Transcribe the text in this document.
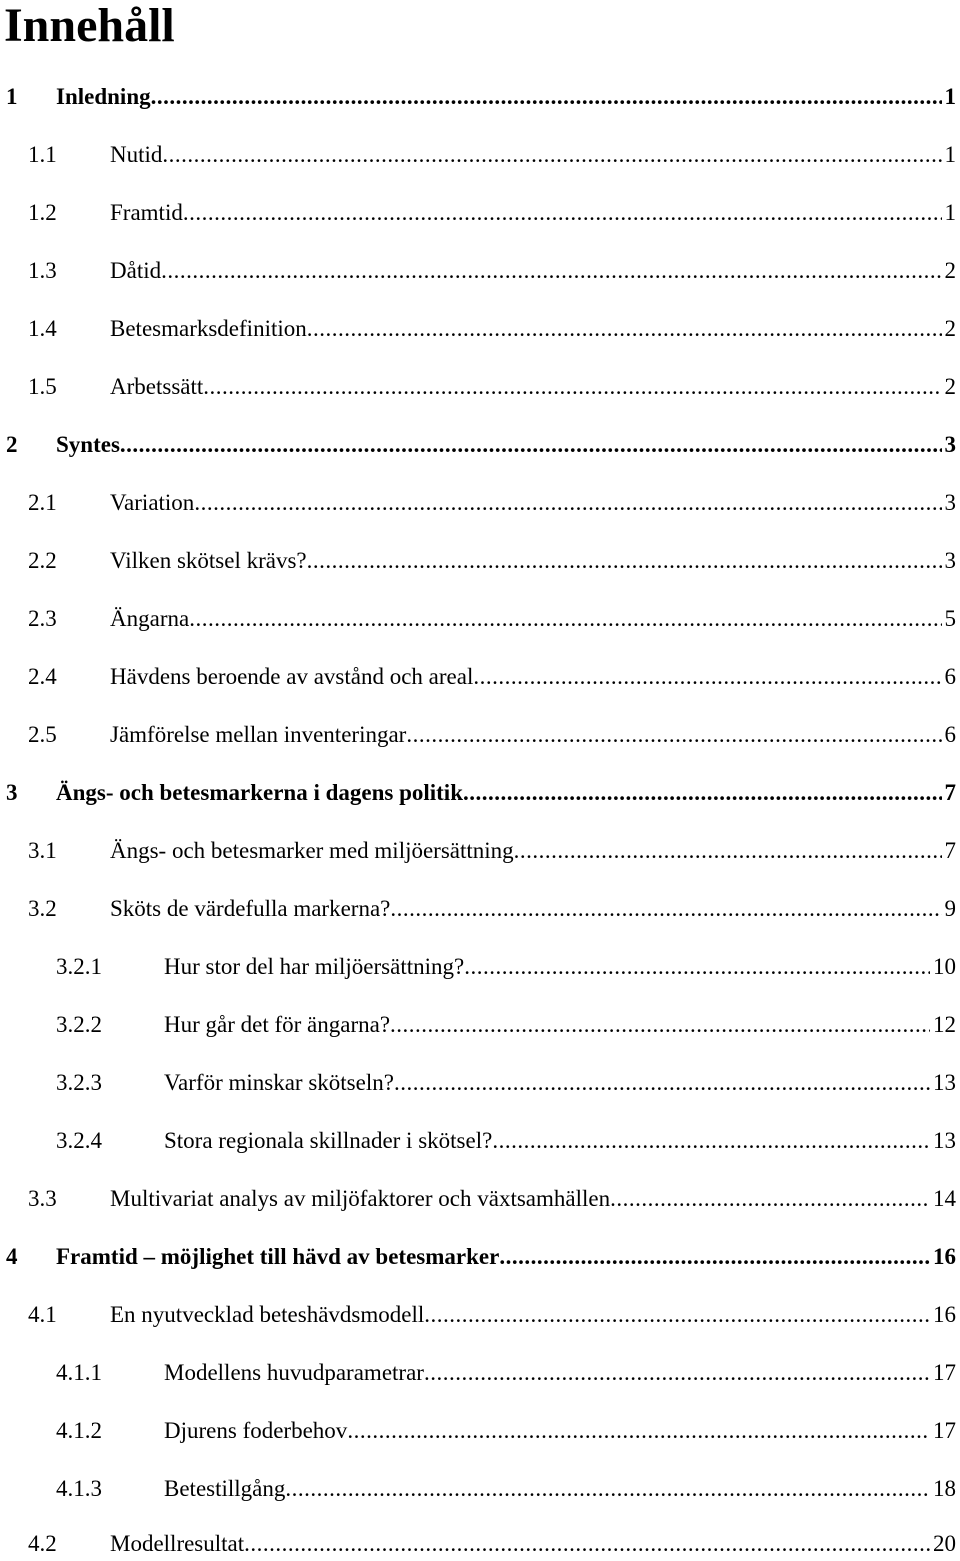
Innehåll
1	Inledning .....	1
1.1	Nutid .....	1
1.2	Framtid .....	1
1.3	Dåtid .....	2
1.4	Betesmarksdefinition .....	2
1.5	Arbetssätt .....	2
2	Syntes .....	3
2.1	Variation .....	3
2.2	Vilken skötsel krävs? .....	3
2.3	Ängarna .....	5
2.4	Hävdens beroende av avstånd och areal .....	6
2.5	Jämförelse mellan inventeringar .....	6
3	Ängs- och betesmarkerna i dagens politik .....	7
3.1	Ängs- och betesmarker med miljöersättning .....	7
3.2	Sköts de värdefulla markerna? .....	9
3.2.1	Hur stor del har miljöersättning? .....	10
3.2.2	Hur går det för ängarna? .....	12
3.2.3	Varför minskar skötseln? .....	13
3.2.4	Stora regionala skillnader i skötsel? .....	13
3.3	Multivariat analys av miljöfaktorer och växtsamhällen .....	14
4	Framtid – möjlighet till hävd av betesmarker .....	16
4.1	En nyutvecklad beteshävdsmodell .....	16
4.1.1	Modellens huvudparametrar .....	17
4.1.2	Djurens foderbehov .....	17
4.1.3	Betestillgång .....	18
4.2	Modellresultat .....	20
